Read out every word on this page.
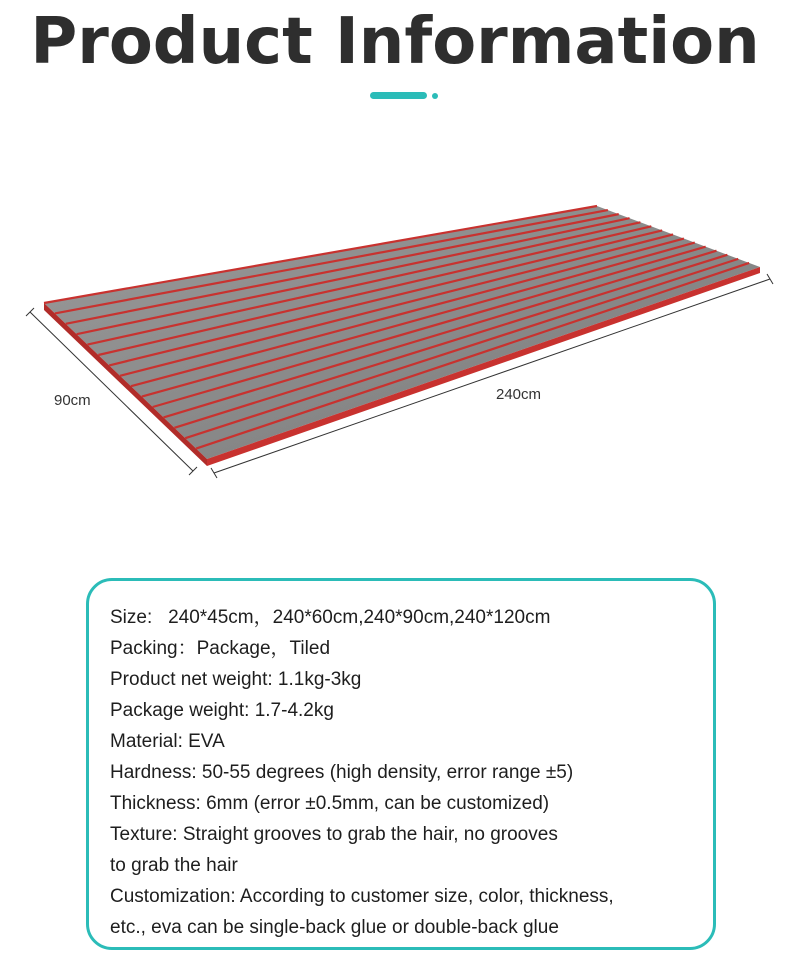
Product Information
90cm	240cm
Size:   240*45cm，240*60cm,240*90cm,240*120cm
Packing：Package，Tiled
Product net weight: 1.1kg-3kg
Package weight: 1.7-4.2kg
Material: EVA
Hardness: 50-55 degrees (high density, error range ±5)
Thickness: 6mm (error ±0.5mm, can be customized)
Texture: Straight grooves to grab the hair, no grooves
to grab the hair
Customization: According to customer size, color, thickness,
etc., eva can be single-back glue or double-back glue
